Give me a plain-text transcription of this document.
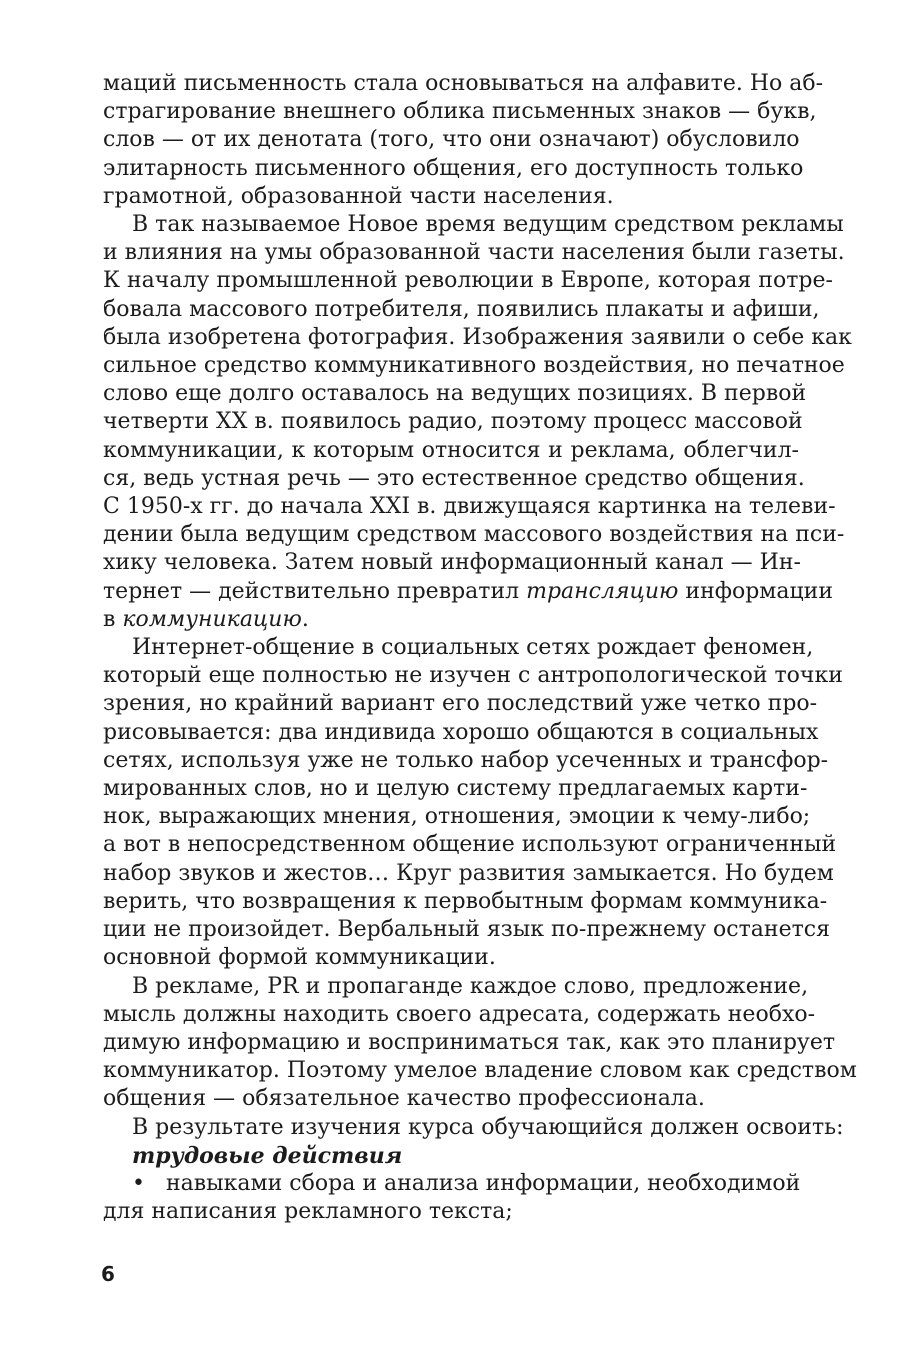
маций письменность стала основываться на алфавите. Но аб-
страгирование внешнего облика письменных знаков — букв,
слов — от их денотата (того, что они означают) обусловило
элитарность письменного общения, его доступность только
грамотной, образованной части населения.
В так называемое Новое время ведущим средством рекламы
и влияния на умы образованной части населения были газеты.
К началу промышленной революции в Европе, которая потре-
бовала массового потребителя, появились плакаты и афиши,
была изобретена фотография. Изображения заявили о себе как
сильное средство коммуникативного воздействия, но печатное
слово еще долго оставалось на ведущих позициях. В первой
четверти XX в. появилось радио, поэтому процесс массовой
коммуникации, к которым относится и реклама, облегчил-
ся, ведь устная речь — это естественное средство общения.
С 1950-х гг. до начала XXI в. движущаяся картинка на телеви-
дении была ведущим средством массового воздействия на пси-
хику человека. Затем новый информационный канал — Ин-
тернет — действительно превратил трансляцию информации
в коммуникацию.
Интернет-общение в социальных сетях рождает феномен,
который еще полностью не изучен с антропологической точки
зрения, но крайний вариант его последствий уже четко про-
рисовывается: два индивида хорошо общаются в социальных
сетях, используя уже не только набор усеченных и трансфор-
мированных слов, но и целую систему предлагаемых карти-
нок, выражающих мнения, отношения, эмоции к чему-либо;
а вот в непосредственном общение используют ограниченный
набор звуков и жестов… Круг развития замыкается. Но будем
верить, что возвращения к первобытным формам коммуника-
ции не произойдет. Вербальный язык по-прежнему останется
основной формой коммуникации.
В рекламе, PR и пропаганде каждое слово, предложение,
мысль должны находить своего адресата, содержать необхо-
димую информацию и восприниматься так, как это планирует
коммуникатор. Поэтому умелое владение словом как средством
общения — обязательное качество профессионала.
В результате изучения курса обучающийся должен освоить:
трудовые действия
• навыками сбора и анализа информации, необходимой
для написания рекламного текста;
6
